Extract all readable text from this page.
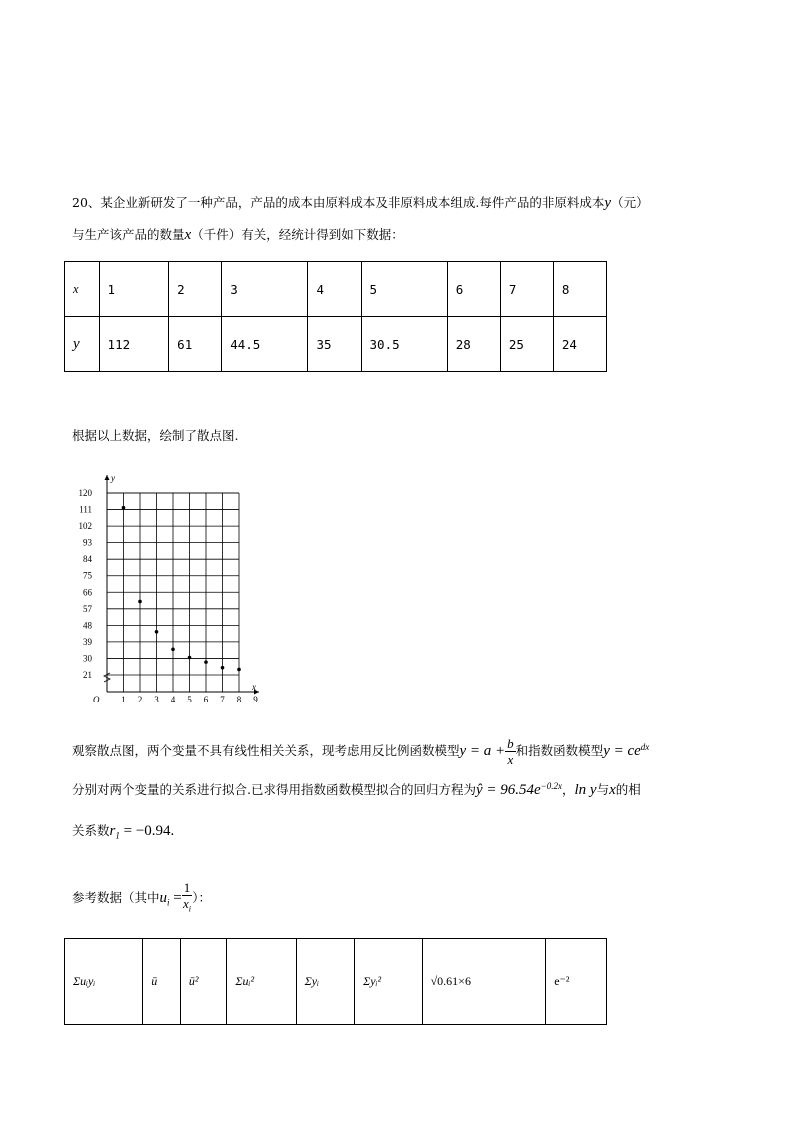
20、某企业新研发了一种产品，产品的成本由原料成本及非原料成本组成.每件产品的非原料成本y（元）
与生产该产品的数量x（千件）有关，经统计得到如下数据：
x	1	2	3	4	5	6	7	8
y	112	61	44.5	35	30.5	28	25	24
根据以上数据，绘制了散点图.
1 2 3 4 5 6 7 8 9
21
30
39
48
57
66
75
84
93
102
111
120
x
y
O
观察散点图，两个变量不具有线性相关关系，现考虑用反比例函数模型$y = a + \frac{b}{x}$ 和指数函数模型$y = ce^{dx}$
分别对两个变量的关系进行拟合.已求得用指数函数模型拟合的回归方程为ŷ = $96.54e^{-0.2x}$，ln y与x的相
关系数$r_1 = -0.94$.
参考数据（其中$u_i = \frac{1}{x_i}$ ）：
Σuᵢyᵢ	ū	ū²	Σuᵢ²	Σyᵢ	Σyᵢ²	√0.61×6	e⁻²
